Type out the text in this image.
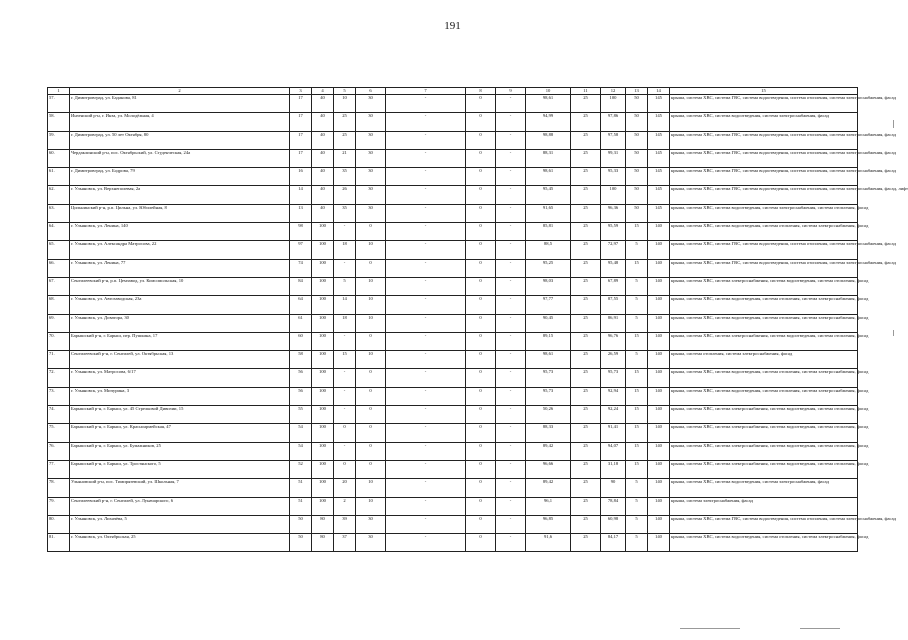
191
1	2	3	4	5	6	7	8	9	10	11	12	13	14	15
57.	г. Димитровград, ул. Баданова, 81	17	40	10	30	-	0	-	98,61	25	100	50	145	крыша, система ХВС, система ГВС, система водоотведения, система отопления, система электроснабжения, фасад
58.	Инзенский р-н, г. Инза, ул. Молодёжная, 4	17	40	25	30	-	0	-	94,99	25	97,86	50	145	крыша, система ХВС, система водоотведения, система электроснабжения, фасад
59.	г. Димитровград, ул. 50 лет Октября, 80	17	40	25	30	-	0	-	98,88	25	97,58	50	145	крыша, система ХВС, система ГВС, система водоотведения, система отопления, система электроснабжения, фасад
60.	Чердаклинский р-н, пос. Октябрьский, ул. Студенческая, 24а	17	40	21	30	-	0	-	88,31	25	99,31	50	145	крыша, система ХВС, система ГВС, система водоотведения, система отопления, система электроснабжения, фасад
61.	г. Димитровград, ул. Бодрова, 79	16	40	35	30	-	0	-	98,61	25	95,33	50	145	крыша, система ХВС, система ГВС, система водоотведения, система отопления, система электроснабжения, фасад
62.	г. Ульяновск, ул. Верхнеполевая, 2а	14	40	26	30	-	0	-	95,45	25	100	50	145	крыша, система ХВС, система ГВС, система водоотведения, система отопления, система электроснабжения, фасад, лифт
63.	Цильнинский р-н, р.п. Цильна, ул. Юбилейная, 8	13	40	35	30	-	0	-	91,65	25	96,36	50	145	крыша, система ХВС, система водоотведения, система электроснабжения, система отопления, фасад
64.	г. Ульяновск, ул. Ленина, 140	98	100	-	0	-	0	-	85,81	25	95,59	15	140	крыша, система ХВС, система водоотведения, система отопления, система электроснабжения, фасад
65.	г. Ульяновск, ул. Александра Матросова, 22	97	100	18	10	-	0	-	88,5	25	72,97	5	140	крыша, система ХВС, система ГВС, система водоотведения, система отопления, система электроснабжения, фасад
66.	г. Ульяновск, ул. Ленина, 77	74	100	-	0	-	0	-	95,25	25	95,48	15	140	крыша, система ХВС, система ГВС, система водоотведения, система отопления, система электроснабжения, фасад
67.	Сенгилеевский р-н, р.п. Цемзавод, ул. Комсомольская, 10	84	100	5	10	-	0	-	98,03	25	67,89	5	140	крыша, система ХВС, система электроснабжения, система водоотведения, система отопления, фасад
68.	г. Ульяновск, ул. Автозаводская, 23а	64	100	14	10	-	0	-	97,77	25	87,55	5	140	крыша, система ХВС, система водоотведения, система отопления, система электроснабжения, фасад
69.	г. Ульяновск, ул. Доватора, 30	61	100	18	10	-	0	-	90,45	25	86,91	5	140	крыша, система ХВС, система водоотведения, система отопления, система электроснабжения, фасад
70.	Барышский р-н, г. Барыш, пер. Пушкина, 17	60	100	-	0	-	0	-	89,15	25	96,76	15	140	крыша, система ХВС, система электроснабжения, система водоотведения, система отопления, фасад
71.	Сенгилеевский р-н, г. Сенгилей, ул. Октябрьская, 13	58	100	15	10	-	0	-	98,61	25	26,59	5	140	крыша, система отопления, система электроснабжения, фасад
72.	г. Ульяновск, ул. Матросова, 6/17	56	100	-	0	-	0	-	95,73	25	95,73	15	140	крыша, система ХВС, система водоотведения, система отопления, система электроснабжения, фасад
73.	г. Ульяновск, ул. Мичурина, 3	56	100	-	0	-	0	-	95,73	25	92,94	15	140	крыша, система ХВС, система водоотведения, система отопления, система электроснабжения, фасад
74.	Барышский р-н, г. Барыш, ул. 45 Стрелковой Дивизии, 15	55	100	-	0	-	0	-	50,26	25	92,24	15	140	крыша, система ХВС, система электроснабжения, система водоотведения, система отопления, фасад
75.	Барышский р-н, г. Барыш, ул. Красноармейская, 47	54	100	0	0	-	0	-	88,33	25	91,41	15	140	крыша, система ХВС, система электроснабжения, система водоотведения, система отопления, фасад
76.	Барышский р-н, г. Барыш, ул. Бумажников, 25	54	100	-	0	-	0	-	89,42	25	94,07	15	140	крыша, система ХВС, система электроснабжения, система водоотведения, система отопления, фасад
77.	Барышский р-н, г. Барыш, ул. Тростянского, 5	52	100	0	0	-	0	-	96,66	25	31,18	15	140	крыша, система ХВС, система электроснабжения, система водоотведения, система отопления, фасад
78.	Ульяновский р-н, пос. Тимирязевский, ул. Школьная, 7	51	100	20	10	-	0	-	89,42	25	90	5	140	крыша, система ХВС, система водоотведения, система электроснабжения, фасад
79.	Сенгилеевский р-н, г. Сенгилей, ул. Луначарского, 6	51	100	2	10	-	0	-	96,1	25	78,84	5	140	крыша, система электроснабжения, фасад
80.	г. Ульяновск, ул. Лихачёва, 5	50	80	39	30	-	0	-	96,85	25	60,98	5	140	крыша, система ХВС, система ГВС, система водоотведения, система отопления, система электроснабжения, фасад
81.	г. Ульяновск, ул. Октябрьская, 25	50	80	37	30	-	0	-	91,6	25	84,17	5	140	крыша, система ХВС, система водоотведения, система отопления, система электроснабжения, фасад
